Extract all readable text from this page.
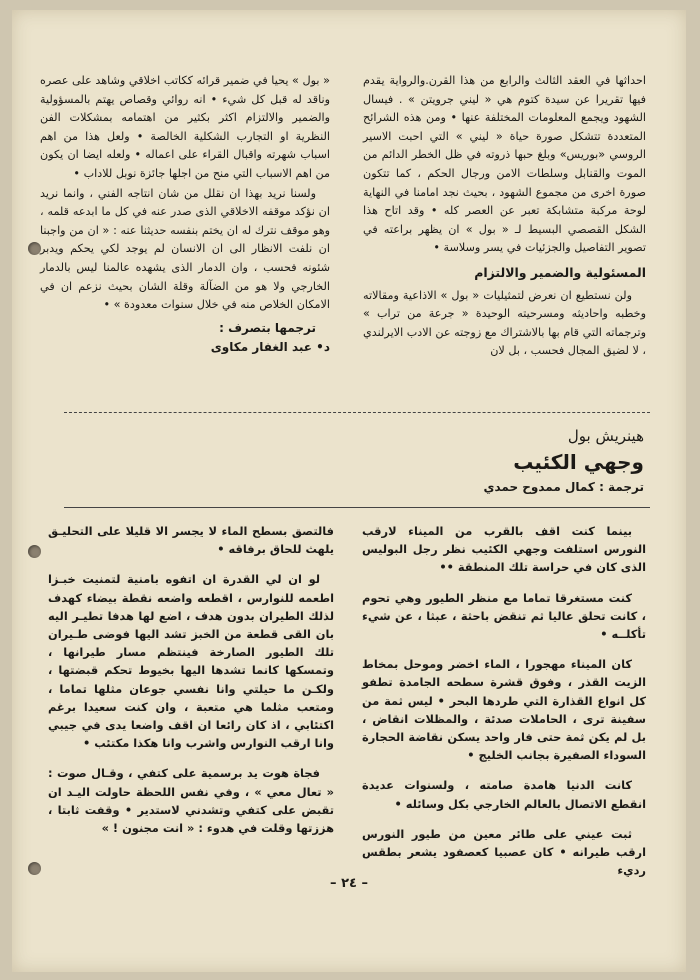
احداثها في العقد الثالث والرابع من هذا القرن.والرواية يقدم فيها تقريرا عن سيدة كتوم هي « ليني جرويتن » . فيسال الشهود ويجمع المعلومات المختلفة عنها • ومن هذه الشرائح المتعددة تتشكل صورة حياة « ليني » التي احبت الاسير الروسي «بوريس» وبلغ حبها ذروته في ظل الخطر الدائم من الموت والقنابل وسلطات الامن ورجال الحكم ، كما تتكون صورة اخرى من مجموع الشهود ، بحيث نجد امامنا في النهاية لوحة مركبة متشابكة تعبر عن العصر كله • وقد اتاح هذا الشكل القصصي البسيط لـ « بول » ان يظهر براعته في تصوير التفاصيل والجزئيات في يسر وسلاسة •

المسئولية والضمير والالتزام

ولن نستطيع ان نعرض لتمثيليات « بول » الاذاعية ومقالاته وخطبه واحاديثه ومسرحيته الوحيدة « جرعة من تراب » وترجماته التي قام بها بالاشتراك مع زوجته عن الادب الايرلندي ، لا لضيق المجال فحسب ، بل لان

« بول » يحيا في ضمير قرائه ككاتب اخلاقي وشاهد على عصره وناقد له قبل كل شيء • انه روائي وقصاص يهتم بالمسؤولية والضمير والالتزام اكثر بكثير من اهتمامه بمشكلات الفن النظرية او التجارب الشكلية الخالصة • ولعل هذا من اهم اسباب شهرته واقبال القراء على اعماله • ولعله ايضا ان يكون من اهم الاسباب التي منح من اجلها جائزة نوبل للاداب •

ولسنا نريد بهذا ان نقلل من شان انتاجه الفني ، وانما نريد ان نؤكد موقفه الاخلاقي الذى صدر عنه في كل ما ابدعه قلمه ، وهو موقف نترك له ان يختم بنفسه حديثنا عنه : « ان من واجبنا ان نلفت الانظار الى ان الانسان لم يوجد لكي يحكم ويدبر شئونه فحسب ، وان الدمار الذى يشهده عالمنا ليس بالدمار الخارجي ولا هو من الضآلة وقلة الشان بحيث نزعم ان في الامكان الخلاص منه في خلال سنوات معدودة » •

ترجمها بتصرف :
د• عبد الغفار مكاوى
هينريش بول
وجهي الكئيب
ترجمة : كمال ممدوح حمدي

بينما كنت اقف بالقرب من الميناء لارقب النورس استلفت وجهي الكئيب نظر رجل البوليس الذى كان في حراسة تلك المنطقة ••

كنت مستغرقا تماما مع منظر الطيور وهي تحوم ، كانت تحلق عاليا ثم تنقض باحثة ، عبثا ، عن شيء تأكلــه •

كان الميناء مهجورا ، الماء اخضر وموحل بمخاط الزيت القذر ، وفوق قشرة سطحه الجامدة تطفو كل انواع القذارة التي طردها البحر • ليس ثمة من سفينة ترى ، الحاملات صدئة ، والمظلات انقاض ، بل لم يكن ثمة حتى فار واحد يسكن نقاضة الحجارة السوداء الصفيرة بجانب الخليج •

كانت الدنيا هامدة صامته ، ولسنوات عديدة انقطع الاتصال بالعالم الخارجي بكل وسائله •

ثبت عيني على طائر معين من طيور النورس ارقب طيرانه • كان عصبيا كعصفود يشعر بطقس رديء

فالتصق بسطح الماء لا يجسر الا قليلا على التحليـق يلهث للحاق برفاقه •

لو ان لي القدرة ان اتفوه بامنية لتمنيت خبـزا اطعمه للنوارس ، اقطعه واضعه نقطة بيضاء كهدف لذلك الطيران بدون هدف ، اضع لها هدفا تطيـر اليه بان القى قطعة من الخبز تشد اليها فوضى طـيران تلك الطيور الصارخة فينتظم مسار طيرانها ، وتمسكها كانما تشدها اليها بخيوط تحكم قبضتها ، ولكـن ما حيلتي وانا نفسي جوعان مثلها تماما ، ومتعب مثلما هي متعبة ، وان كنت سعيدا برغم اكتئابي ، اذ كان رائعا ان اقف واضعا يدى في جيبي وانا ارقب النوارس واشرب وانا هكذا مكتئب •

فجاة هوت يد برسمية على كتفي ، وقـال صوت : « تعال معي » ، وفي نفس اللحظة حاولت اليـد ان تقبض على كتفي وتشدني لاستدير • وقفت ثابتا ، هززتها وقلت في هدوء : « انت مجنون ! »

– ٢٤ –
